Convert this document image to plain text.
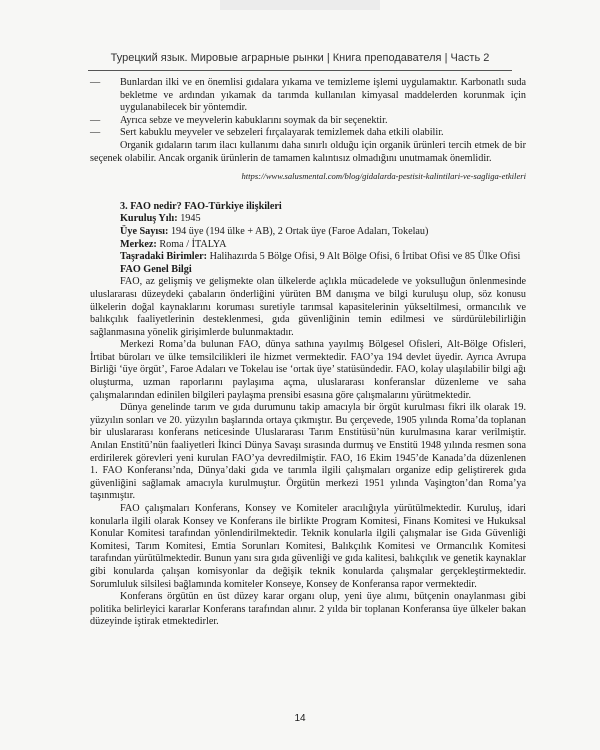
Турецкий язык. Мировые аграрные рынки | Книга преподавателя | Часть 2
—	Bunlardan ilki ve en önemlisi gıdalara yıkama ve temizleme işlemi uygulamaktır. Karbonatlı suda bekletme ve ardından yıkamak da tarımda kullanılan kimyasal maddelerden korunmak için uygulanabilecek bir yöntemdir.
—	Ayrıca sebze ve meyvelerin kabuklarını soymak da bir seçenektir.
—	Sert kabuklu meyveler ve sebzeleri fırçalayarak temizlemek daha etkili olabilir.

Organik gıdaların tarım ilacı kullanımı daha sınırlı olduğu için organik ürünleri tercih etmek de bir seçenek olabilir. Ancak organik ürünlerin de tamamen kalıntısız olmadığını unutmamak önemlidir.

https://www.salusmental.com/blog/gidalarda-pestisit-kalintilari-ve-sagliga-etkileri

3. FAO nedir? FAO-Türkiye ilişkileri
Kuruluş Yılı: 1945
Üye Sayısı: 194 üye (194 ülke + AB), 2 Ortak üye (Faroe Adaları, Tokelau)
Merkez: Roma / İTALYA
Taşradaki Birimler: Halihazırda 5 Bölge Ofisi, 9 Alt Bölge Ofisi, 6 İrtibat Ofisi ve 85 Ülke Ofisi
FAO Genel Bilgi

FAO, az gelişmiş ve gelişmekte olan ülkelerde açlıkla mücadelede ve yoksulluğun önlenmesinde uluslararası düzeydeki çabaların önderliğini yürüten BM danışma ve bilgi kuruluşu olup, söz konusu ülkelerin doğal kaynaklarını koruması suretiyle tarımsal kapasitelerinin yükseltilmesi, ormancılık ve balıkçılık faaliyetlerinin desteklenmesi, gıda güvenliğinin temin edilmesi ve sürdürülebilirliğin sağlanmasına yönelik girişimlerde bulunmaktadır.

Merkezi Roma’da bulunan FAO, dünya sathına yayılmış Bölgesel Ofisleri, Alt-Bölge Ofisleri, İrtibat büroları ve ülke temsilcilikleri ile hizmet vermektedir. FAO’ya 194 devlet üyedir. Ayrıca Avrupa Birliği ‘üye örgüt’, Faroe Adaları ve Tokelau ise ‘ortak üye’ statüsündedir. FAO, kolay ulaşılabilir bilgi ağı oluşturma, uzman raporlarını paylaşıma açma, uluslararası konferanslar düzenleme ve saha çalışmalarından edinilen bilgileri paylaşma prensibi esasına göre çalışmalarını yürütmektedir.

Dünya genelinde tarım ve gıda durumunu takip amacıyla bir örgüt kurulması fikri ilk olarak 19. yüzyılın sonları ve 20. yüzyılın başlarında ortaya çıkmıştır. Bu çerçevede, 1905 yılında Roma’da toplanan bir uluslararası konferans neticesinde Uluslararası Tarım Enstitüsü’nün kurulmasına karar verilmiştir. Anılan Enstitü’nün faaliyetleri İkinci Dünya Savaşı sırasında durmuş ve Enstitü 1948 yılında resmen sona erdirilerek görevleri yeni kurulan FAO’ya devredilmiştir. FAO, 16 Ekim 1945’de Kanada’da düzenlenen 1. FAO Konferansı’nda, Dünya’daki gıda ve tarımla ilgili çalışmaları organize edip geliştirerek gıda güvenliğini sağlamak amacıyla kurulmuştur. Örgütün merkezi 1951 yılında Vaşington’dan Roma’ya taşınmıştır.

FAO çalışmaları Konferans, Konsey ve Komiteler aracılığıyla yürütülmektedir. Kuruluş, idari konularla ilgili olarak Konsey ve Konferans ile birlikte Program Komitesi, Finans Komitesi ve Hukuksal Konular Komitesi tarafından yönlendirilmektedir. Teknik konularla ilgili çalışmalar ise Gıda Güvenliği Komitesi, Tarım Komitesi, Emtia Sorunları Komitesi, Balıkçılık Komitesi ve Ormancılık Komitesi tarafından yürütülmektedir. Bunun yanı sıra gıda güvenliği ve gıda kalitesi, balıkçılık ve genetik kaynaklar gibi konularda çalışan komisyonlar da değişik teknik konularda çalışmalar gerçekleştirmektedir. Sorumluluk silsilesi bağlamında komiteler Konseye, Konsey de Konferansa rapor vermektedir.

Konferans örgütün en üst düzey karar organı olup, yeni üye alımı, bütçenin onaylanması gibi politika belirleyici kararlar Konferans tarafından alınır. 2 yılda bir toplanan Konferansa üye ülkeler bakan düzeyinde iştirak etmektedirler.

14
